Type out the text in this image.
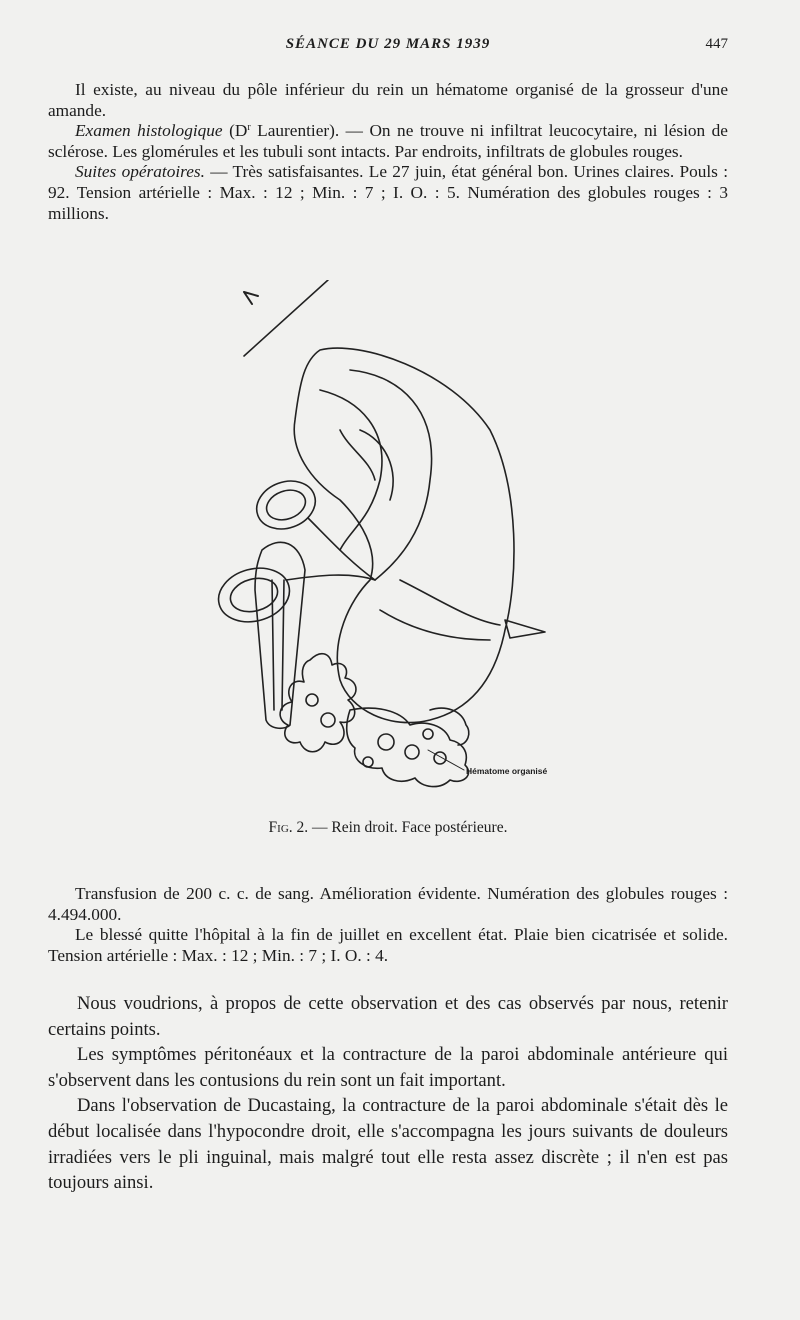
SÉANCE DU 29 MARS 1939	447

Il existe, au niveau du pôle inférieur du rein un hématome organisé de la grosseur d'une amande.

Examen histologique ($D^r$ Laurentier). — On ne trouve ni infiltrat leucocytaire, ni lésion de sclérose. Les glomérules et les tubuli sont intacts. Par endroits, infiltrats de globules rouges.

Suites opératoires. — Très satisfaisantes. Le 27 juin, état général bon. Urines claires. Pouls : 92. Tension artérielle : Max. : 12 ; Min. : 7 ; I. O. : 5. Numération des globules rouges : 3 millions.

Hématome organisé
Fig. 2. — Rein droit. Face postérieure.

Transfusion de 200 c. c. de sang. Amélioration évidente. Numération des globules rouges : 4.494.000.

Le blessé quitte l'hôpital à la fin de juillet en excellent état. Plaie bien cicatrisée et solide. Tension artérielle : Max. : 12 ; Min. : 7 ; I. O. : 4.

Nous voudrions, à propos de cette observation et des cas observés par nous, retenir certains points.

Les symptômes péritonéaux et la contracture de la paroi abdominale antérieure qui s'observent dans les contusions du rein sont un fait important.

Dans l'observation de Ducastaing, la contracture de la paroi abdominale s'était dès le début localisée dans l'hypocondre droit, elle s'accompagna les jours suivants de douleurs irradiées vers le pli inguinal, mais malgré tout elle resta assez discrète ; il n'en est pas toujours ainsi.
